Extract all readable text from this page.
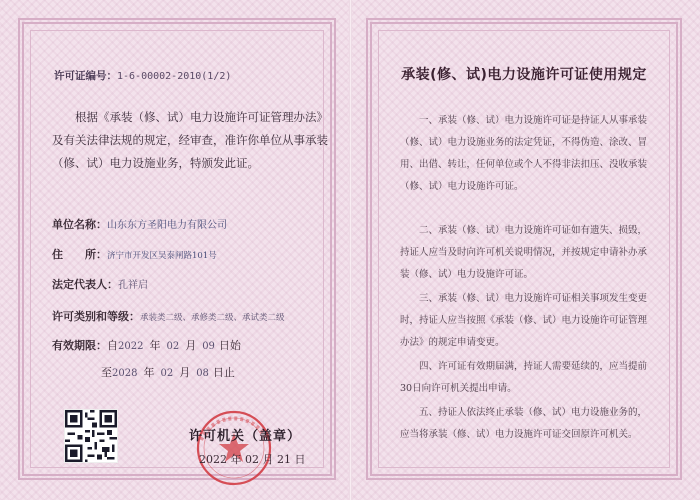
许可证编号：1-6-00002-2010(1/2)
根据《承装（修、试）电力设施许可证管理办法》及有关法律法规的规定，经审查，准许你单位从事承装（修、试）电力设施业务，特颁发此证。
单位名称：山东东方圣阳电力有限公司
住　　所：济宁市开发区吴泰闸路101号
法定代表人：孔祥启
许可类别和等级：承装类二级、承修类二级、承试类二级
有效期限：自2022 年 02 月 09 日始
至2028 年 02 月 08 日止
许可机关（盖章）
2022 年 02 月 21 日
承装(修、试)电力设施许可证使用规定
一、承装（修、试）电力设施许可证是持证人从事承装（修、试）电力设施业务的法定凭证，不得伪造、涂改、冒用、出借、转让，任何单位或个人不得非法扣压、没收承装（修、试）电力设施许可证。
二、承装（修、试）电力设施许可证如有遗失、损毁，持证人应当及时向许可机关说明情况，并按规定申请补办承装（修、试）电力设施许可证。
三、承装（修、试）电力设施许可证相关事项发生变更时，持证人应当按照《承装（修、试）电力设施许可证管理办法》的规定申请变更。
四、许可证有效期届满，持证人需要延续的，应当提前30日向许可机关提出申请。
五、持证人依法终止承装（修、试）电力设施业务的，应当将承装（修、试）电力设施许可证交回原许可机关。
